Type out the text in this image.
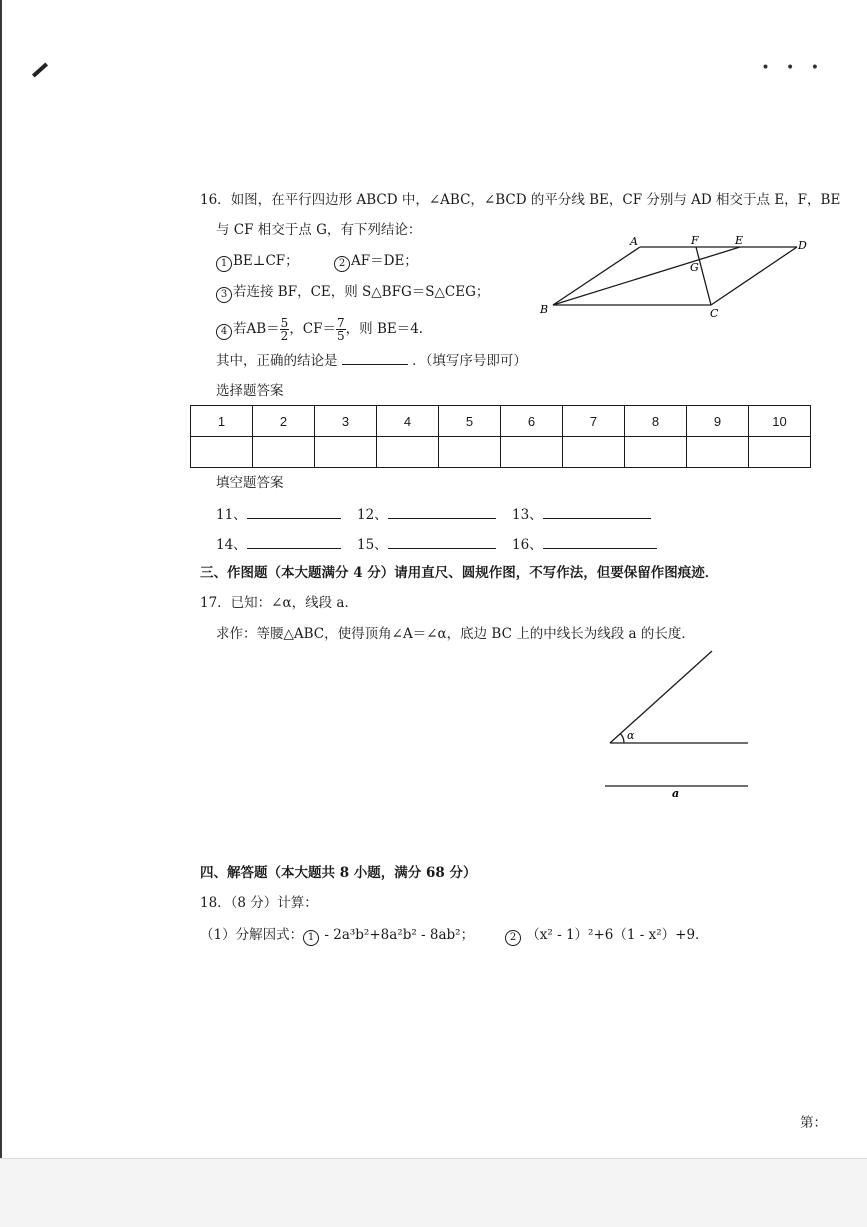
• • •
16．如图，在平行四边形 ABCD 中，∠ABC，∠BCD 的平分线 BE，CF 分别与 AD 相交于点 E，F，BE
与 CF 相交于点 G，有下列结论：
1 BE⊥CF；	2 AF＝DE；
3 若连接 BF，CE，则 S△BFG＝S△CEG；
4 若$AB= \frac{5}{2}$ ，$CF= \frac{7}{5}$ ，则 BE＝4.
其中，正确的结论是	．（填写序号即可）
A	F	E	D
G
B	C
选择题答案
1	2	3	4	5	6	7	8	9	10

填空题答案
11、	12、	13、
14、	15、	16、
三、作图题（本大题满分 4 分）请用直尺、圆规作图，不写作法，但要保留作图痕迹．
17．已知：∠α，线段 a．
求作：等腰△ABC，使得顶角∠A＝∠α，底边 BC 上的中线长为线段 a 的长度．
α
a
四、解答题（本大题共 8 小题，满分 68 分）
18．（8 分）计算：
（1）分解因式： 1 - 2a³b²+8a²b² - 8ab²；	2 （x² - 1）²+6（1 - x²）+9．
第：
